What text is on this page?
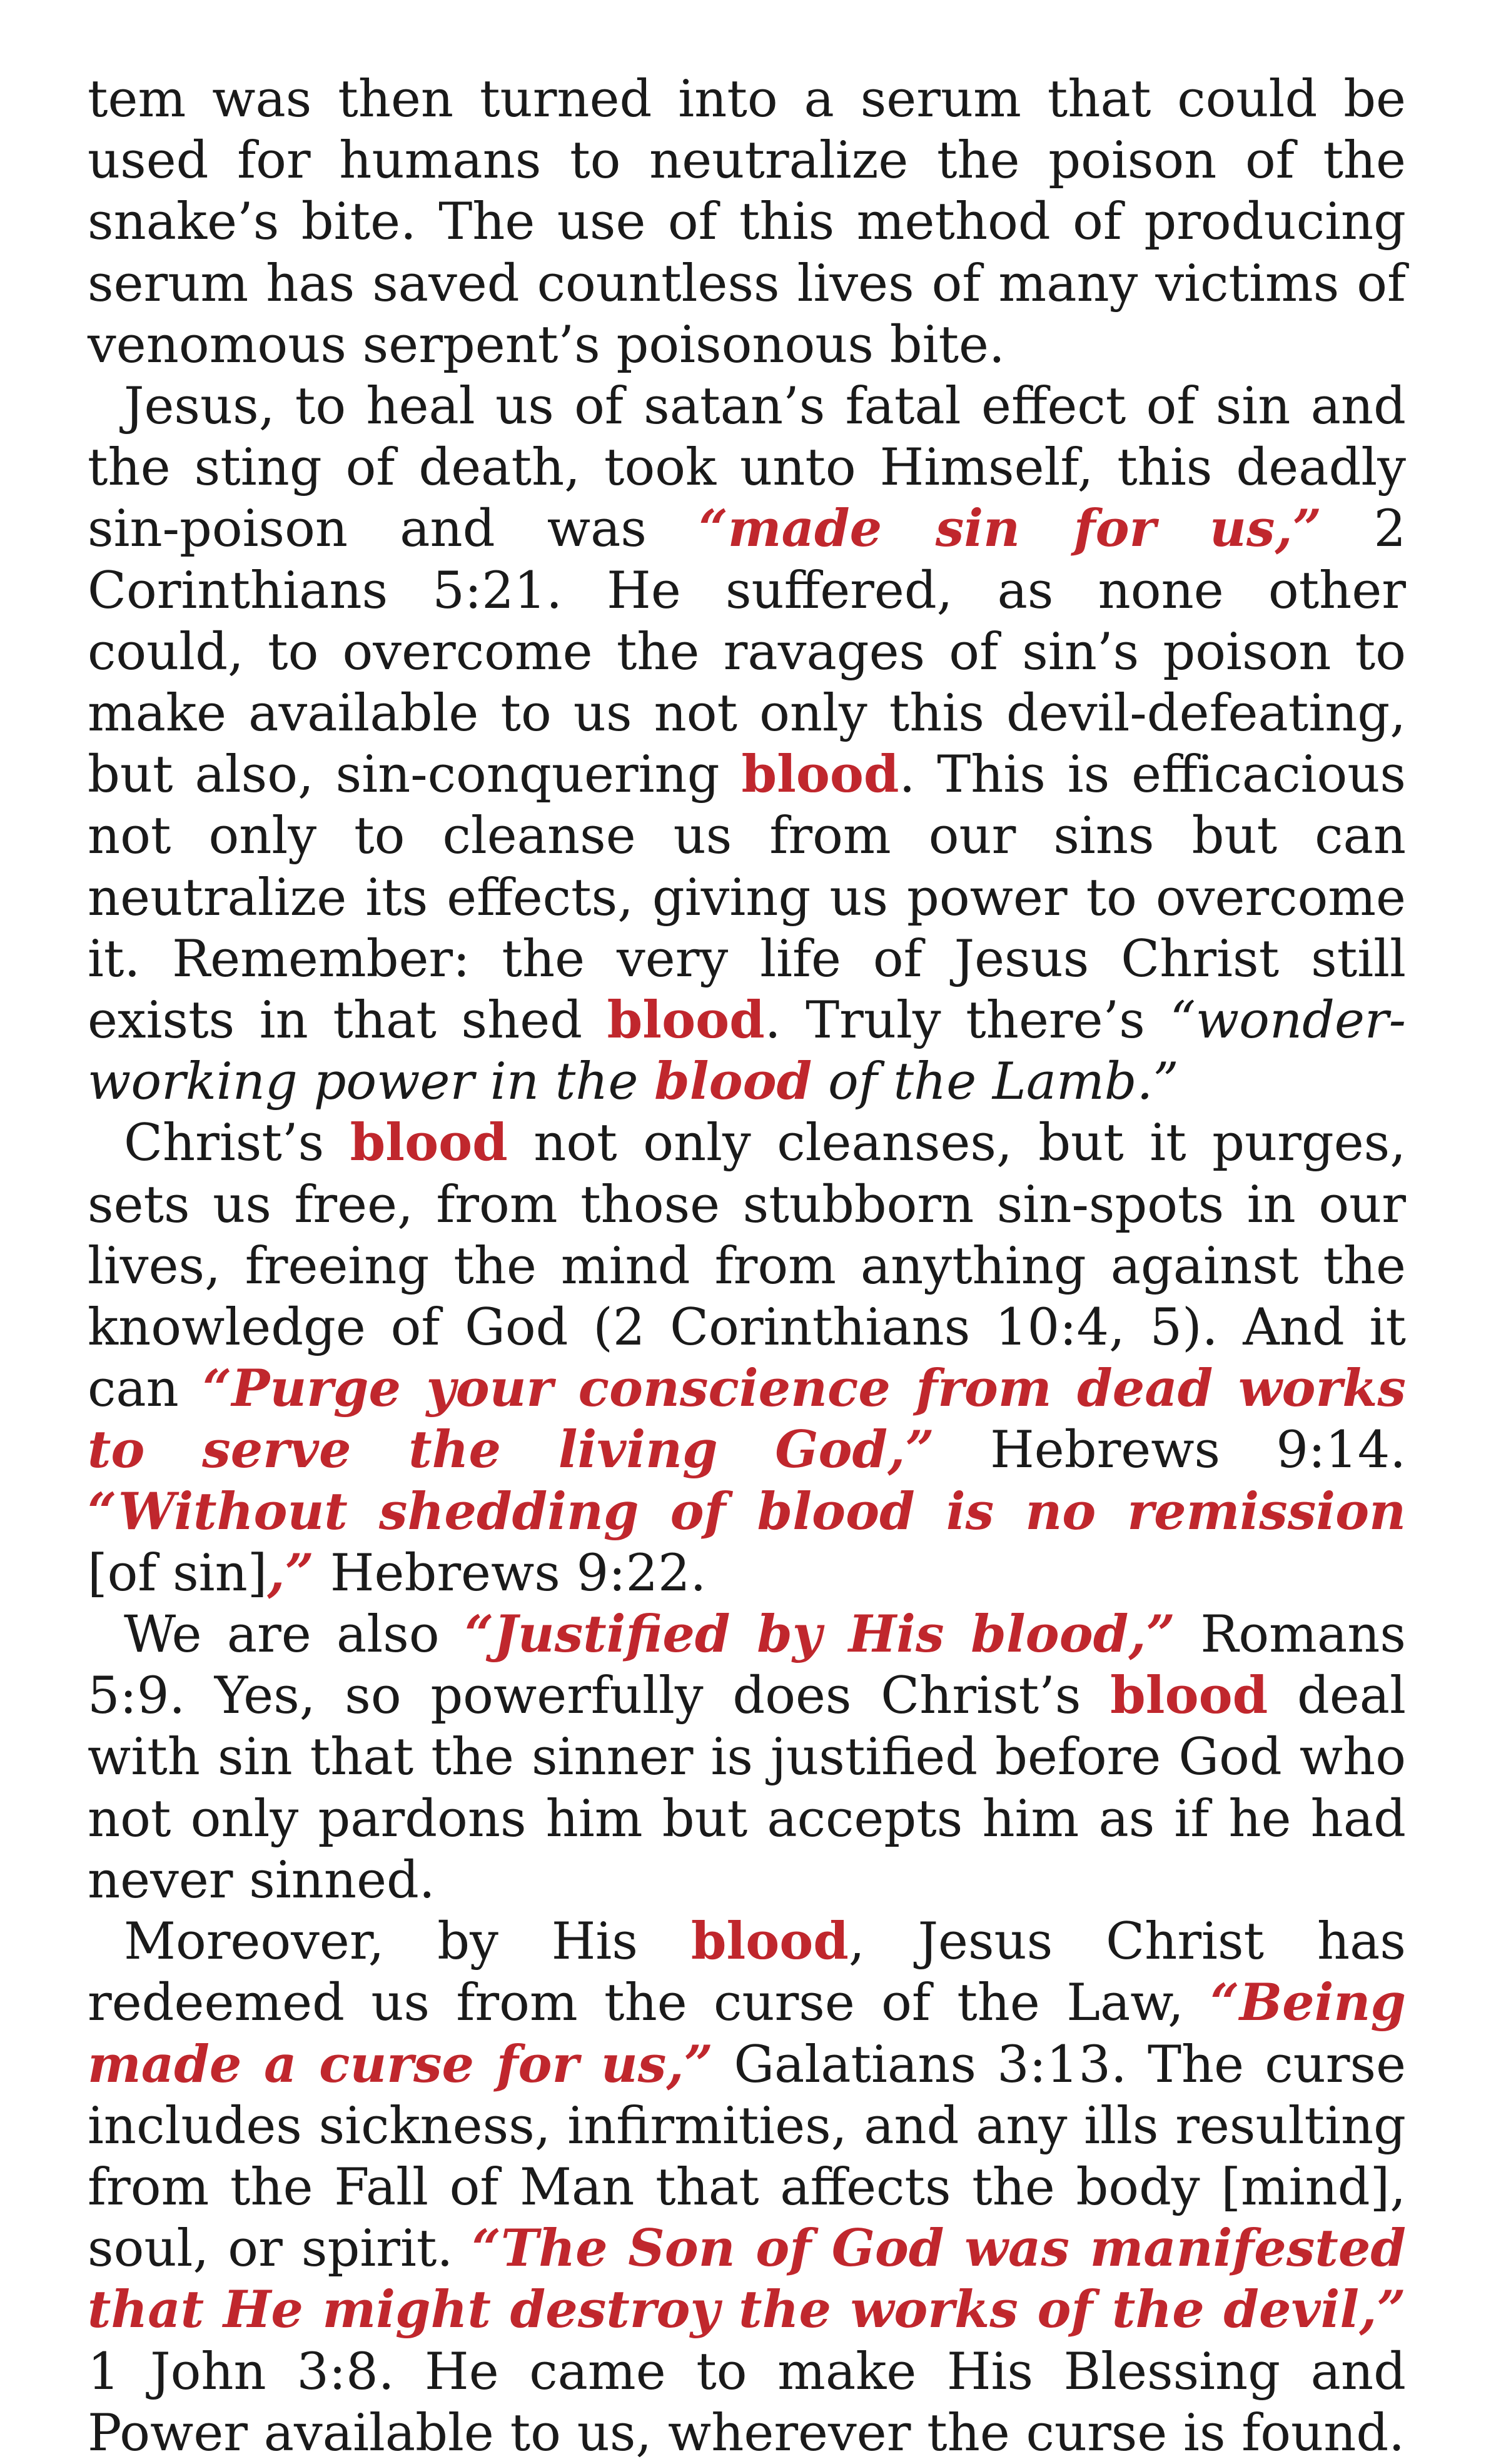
tem was then turned into a serum that could be used for humans to neutralize the poison of the snake’s bite. The use of this method of producing serum has saved countless lives of many victims of venomous serpent’s poisonous bite.

Jesus, to heal us of satan’s fatal effect of sin and the sting of death, took unto Himself, this deadly sin-poison and was “made sin for us,” 2 Corinthians 5:21. He suffered, as none other could, to overcome the ravages of sin’s poison to make available to us not only this devil-defeating, but also, sin-conquering blood. This is efficacious not only to cleanse us from our sins but can neutralize its effects, giving us power to overcome it. Remember: the very life of Jesus Christ still exists in that shed blood. Truly there’s “wonder-working power in the blood of the Lamb.”

Christ’s blood not only cleanses, but it purges, sets us free, from those stubborn sin-spots in our lives, freeing the mind from anything against the knowledge of God (2 Corinthians 10:4, 5). And it can “Purge your conscience from dead works to serve the living God,” Hebrews 9:14. “Without shedding of blood is no remission [of sin],” Hebrews 9:22.

We are also “Justified by His blood,” Romans 5:9. Yes, so powerfully does Christ’s blood deal with sin that the sinner is justified before God who not only pardons him but accepts him as if he had never sinned.

Moreover, by His blood, Jesus Christ has redeemed us from the curse of the Law, “Being made a curse for us,” Galatians 3:13. The curse includes sickness, infirmities, and any ills resulting from the Fall of Man that affects the body [mind], soul, or spirit. “The Son of God was manifested that He might destroy the works of the devil,” 1 John 3:8. He came to make His Blessing and Power available to us, wherever the curse is found.
